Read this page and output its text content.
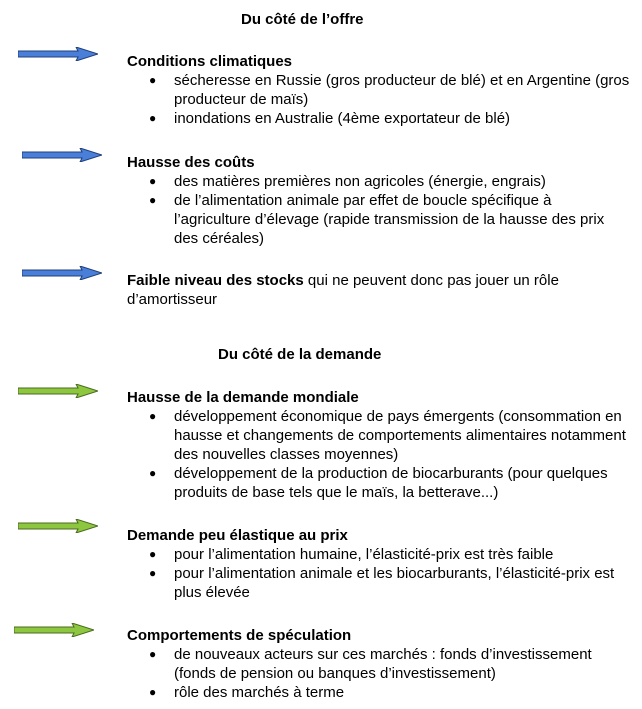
Du côté de l’offre
Du côté de la demande
Conditions climatiques
● sécheresse en Russie (gros producteur de blé) et en Argentine (gros producteur de maïs)
● inondations en Australie (4ème exportateur de blé)
Hausse des coûts
● des matières premières non agricoles (énergie, engrais)
● de l’alimentation animale par effet de boucle spécifique à l’agriculture d’élevage (rapide transmission de la hausse des prix des céréales)
Faible niveau des stocks qui ne peuvent donc pas jouer un rôle d’amortisseur
Hausse de la demande mondiale
● développement économique de pays émergents (consommation en hausse et changements de comportements alimentaires notamment des nouvelles classes moyennes)
● développement de la production de biocarburants (pour quelques produits de base tels que le maïs, la betterave...)
Demande peu élastique au prix
● pour l’alimentation humaine, l’élasticité-prix est très faible
● pour l’alimentation animale et les biocarburants, l’élasticité-prix est plus élevée
Comportements de spéculation
● de nouveaux acteurs sur ces marchés : fonds d’investissement (fonds de pension ou banques d’investissement)
● rôle des marchés à terme
